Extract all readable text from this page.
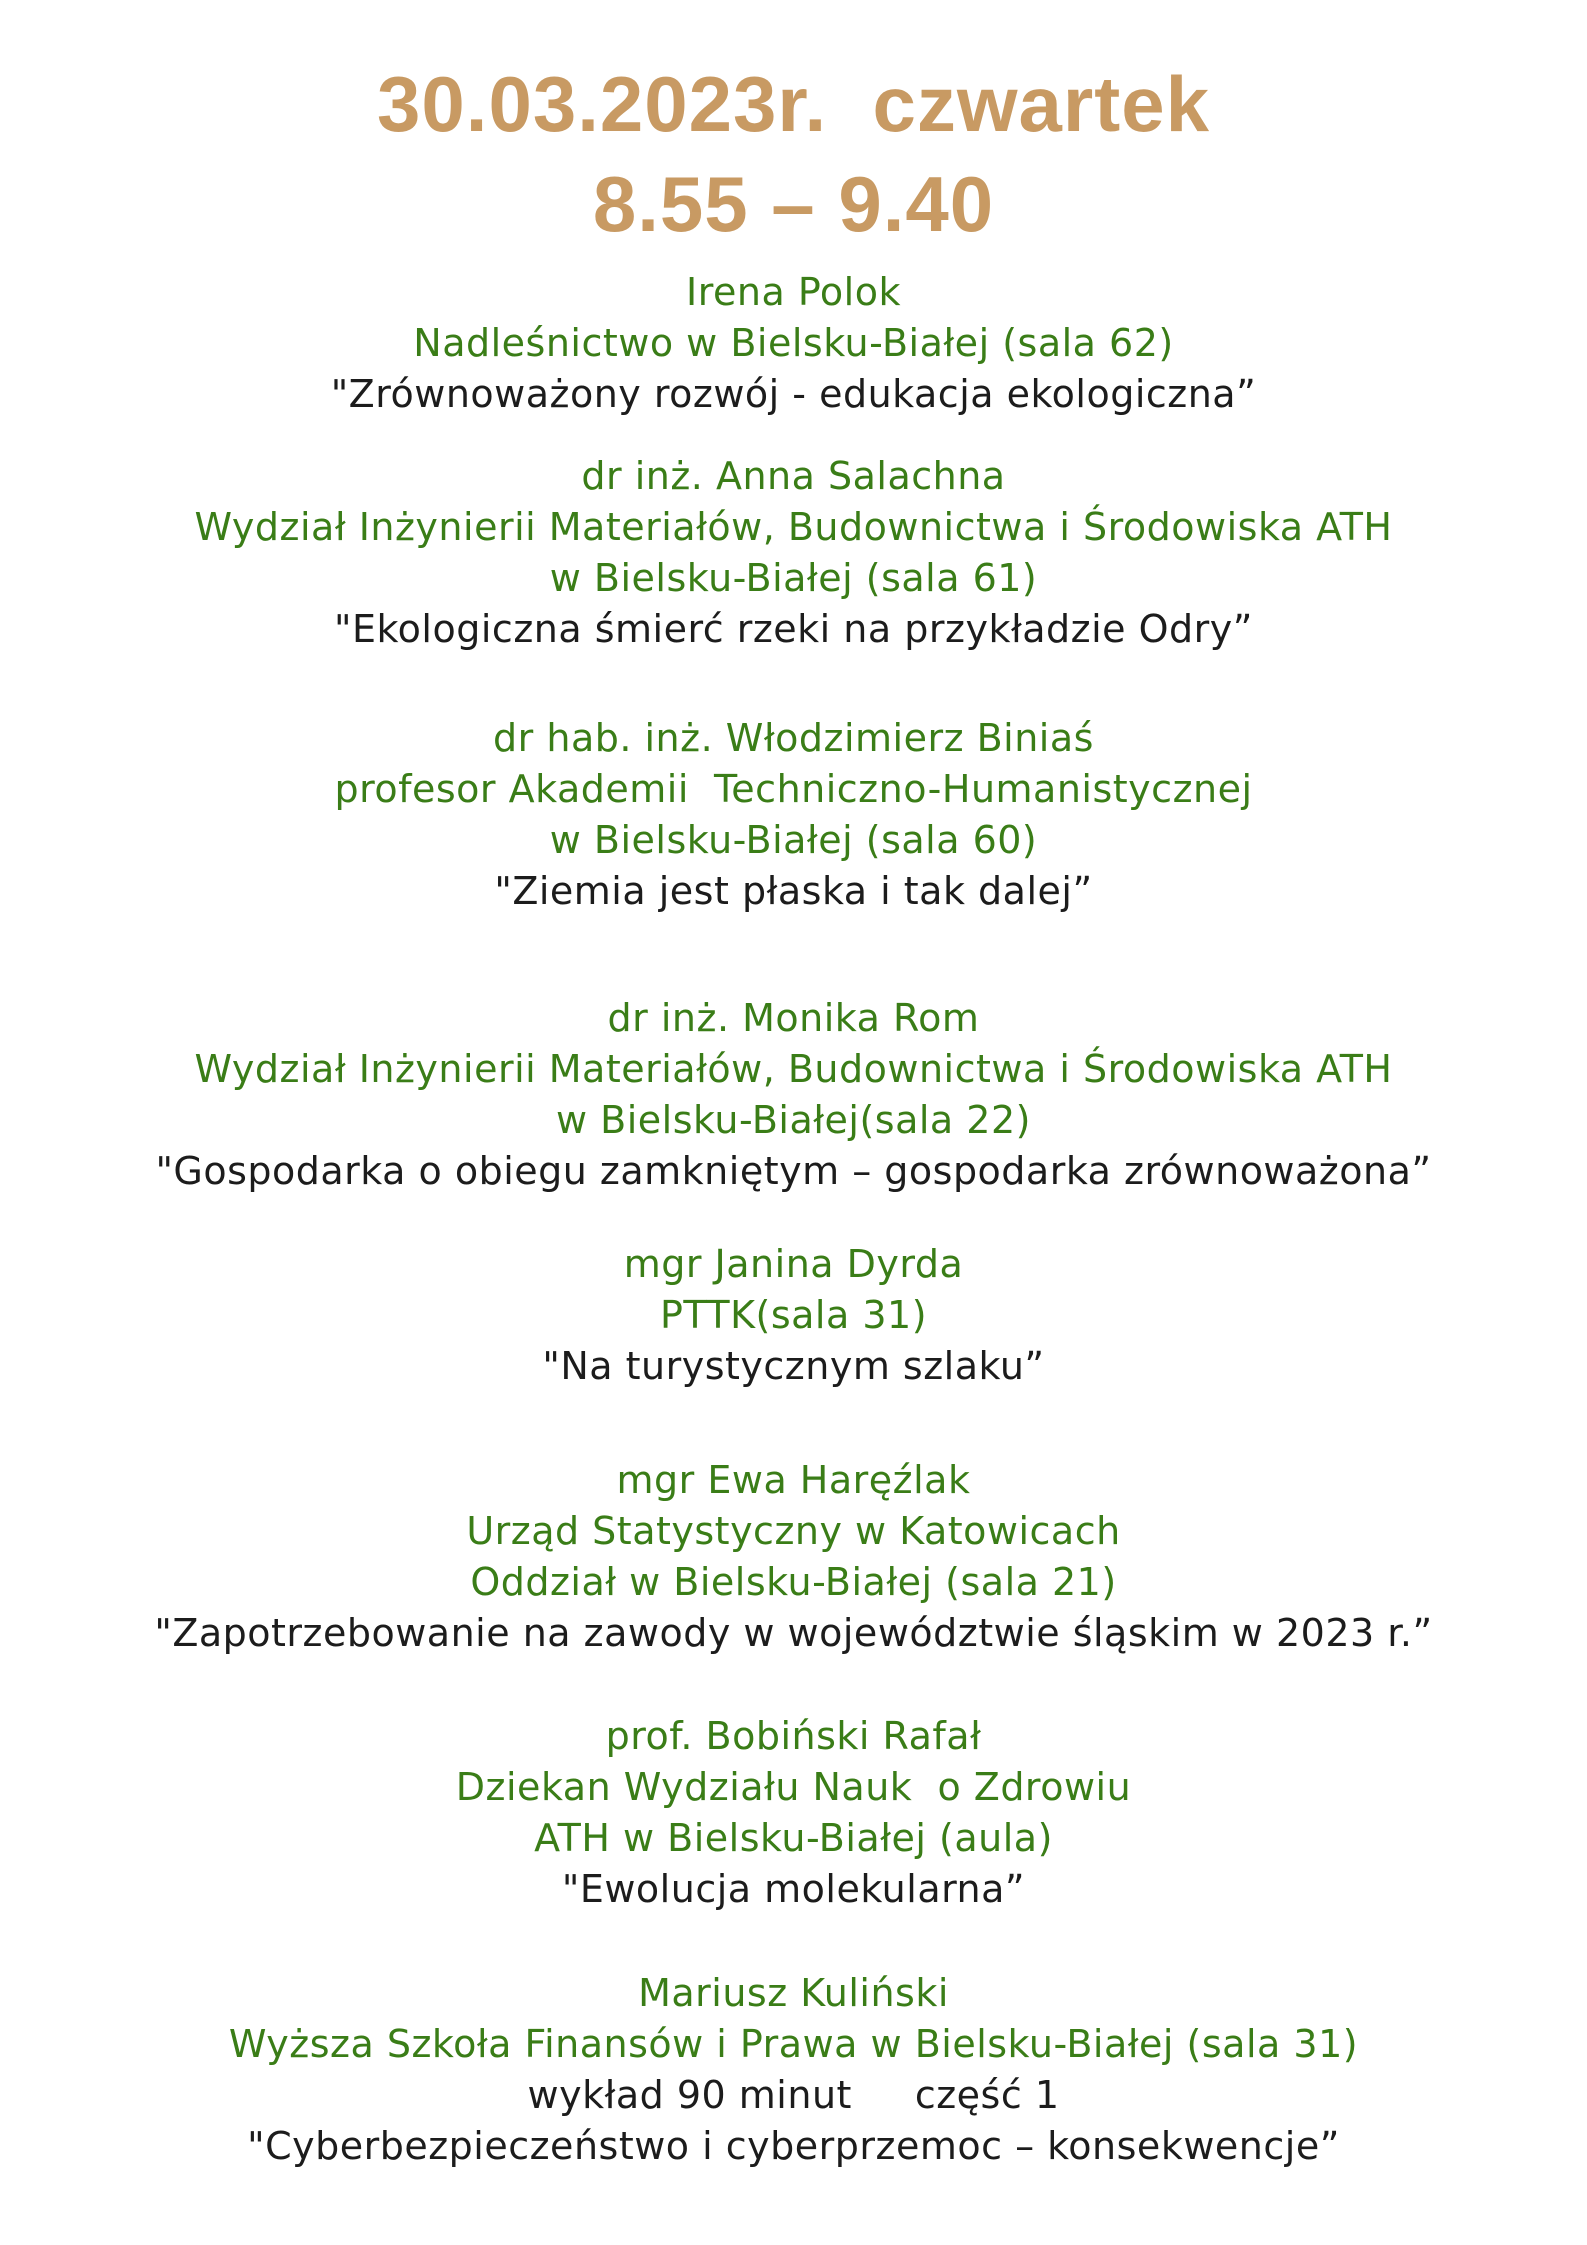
30.03.2023r.  czwartek
8.55 – 9.40
Irena Polok
Nadleśnictwo w Bielsku-Białej (sala 62)
"Zrównoważony rozwój - edukacja ekologiczna”
dr inż. Anna Salachna
Wydział Inżynierii Materiałów, Budownictwa i Środowiska ATH
w Bielsku-Białej (sala 61)
"Ekologiczna śmierć rzeki na przykładzie Odry”
dr hab. inż. Włodzimierz Biniaś
profesor Akademii  Techniczno-Humanistycznej
w Bielsku-Białej (sala 60)
"Ziemia jest płaska i tak dalej”
dr inż. Monika Rom
Wydział Inżynierii Materiałów, Budownictwa i Środowiska ATH
w Bielsku-Białej(sala 22)
"Gospodarka o obiegu zamkniętym – gospodarka zrównoważona”
mgr Janina Dyrda
PTTK(sala 31)
"Na turystycznym szlaku”
mgr Ewa Haręźlak
Urząd Statystyczny w Katowicach
Oddział w Bielsku-Białej (sala 21)
"Zapotrzebowanie na zawody w województwie śląskim w 2023 r.”
prof. Bobiński Rafał
Dziekan Wydziału Nauk  o Zdrowiu
ATH w Bielsku-Białej (aula)
"Ewolucja molekularna”
Mariusz Kuliński
Wyższa Szkoła Finansów i Prawa w Bielsku-Białej (sala 31)
wykład 90 minut     część 1
"Cyberbezpieczeństwo i cyberprzemoc – konsekwencje”
